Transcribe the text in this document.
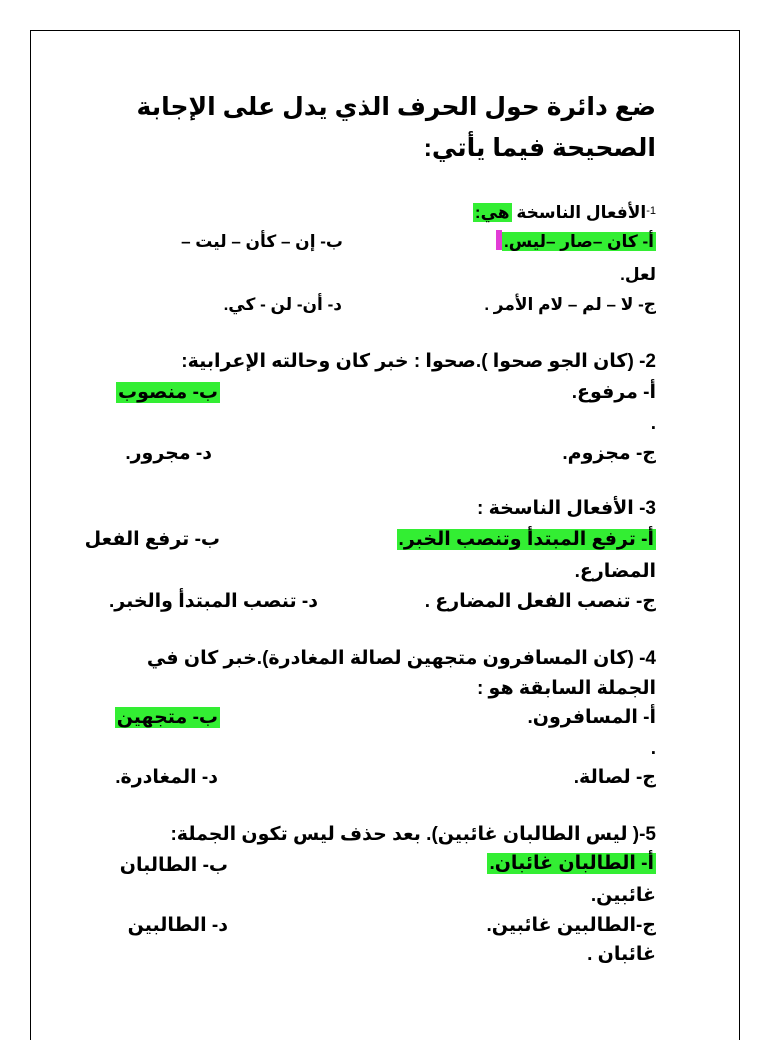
ضع دائرة حول الحرف الذي يدل على الإجابة
الصحيحة فيما يأتي:
$^{1-}$الأفعال الناسخة هي:
أ- كان –صار –ليس.
ب- إن – كأن – ليت –
لعل.
ج- لا – لم – لام الأمر .
د- أن- لن - كي.
2- (كان الجو صحوا ).صحوا : خبر كان وحالته الإعرابية:
أ- مرفوع.
ب- منصوب
.
ج- مجزوم.
د- مجرور.
3- الأفعال الناسخة :
أ- ترفع المبتدأ وتنصب الخبر.
ب- ترفع الفعل
المضارع.
ج- تنصب الفعل المضارع .
د- تنصب المبتدأ والخبر.
4- (كان المسافرون متجهين لصالة المغادرة).خبر كان في
الجملة السابقة هو :
أ- المسافرون.
ب- متجهين
.
ج- لصالة.
د- المغادرة.
5-( ليس الطالبان غائبين). بعد حذف ليس تكون الجملة:
أ- الطالبان غائبان.
ب- الطالبان
غائبين.
ج-الطالبين غائبين.
د- الطالبين
غائبان .
